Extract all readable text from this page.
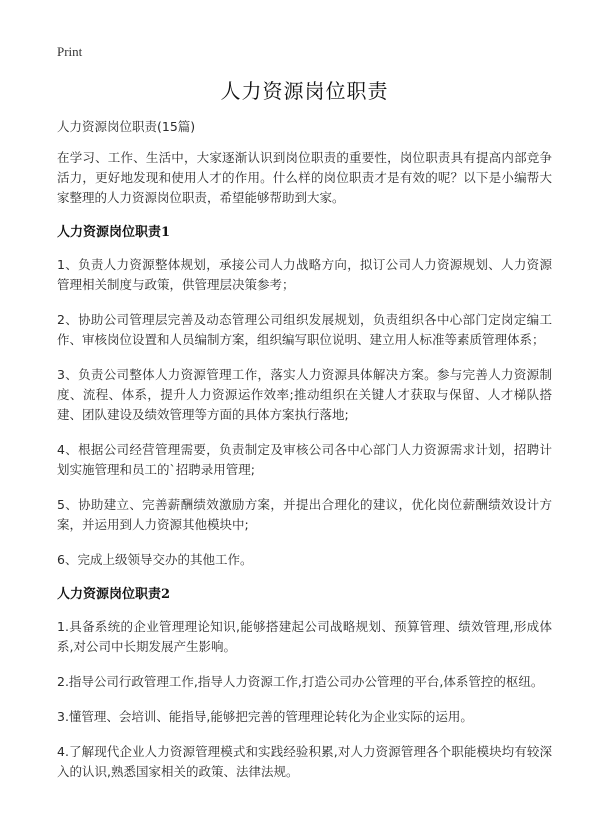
Print
人力资源岗位职责
人力资源岗位职责(15篇)

在学习、工作、生活中，大家逐渐认识到岗位职责的重要性，岗位职责具有提高内部竞争活力，更好地发现和使用人才的作用。什么样的岗位职责才是有效的呢？以下是小编帮大家整理的人力资源岗位职责，希望能够帮助到大家。

人力资源岗位职责1

1、负责人力资源整体规划，承接公司人力战略方向，拟订公司人力资源规划、人力资源管理相关制度与政策，供管理层决策参考；

2、协助公司管理层完善及动态管理公司组织发展规划，负责组织各中心部门定岗定编工作、审核岗位设置和人员编制方案，组织编写职位说明、建立用人标准等素质管理体系；

3、负责公司整体人力资源管理工作，落实人力资源具体解决方案。参与完善人力资源制度、流程、体系，提升人力资源运作效率;推动组织在关键人才获取与保留、人才梯队搭建、团队建设及绩效管理等方面的具体方案执行落地;

4、根据公司经营管理需要，负责制定及审核公司各中心部门人力资源需求计划，招聘计划实施管理和员工的`招聘录用管理;

5、协助建立、完善薪酬绩效激励方案，并提出合理化的建议，优化岗位薪酬绩效设计方案，并运用到人力资源其他模块中;

6、完成上级领导交办的其他工作。

人力资源岗位职责2

1.具备系统的企业管理理论知识,能够搭建起公司战略规划、预算管理、绩效管理,形成体系,对公司中长期发展产生影响。

2.指导公司行政管理工作,指导人力资源工作,打造公司办公管理的平台,体系管控的枢纽。

3.懂管理、会培训、能指导,能够把完善的管理理论转化为企业实际的运用。

4.了解现代企业人力资源管理模式和实践经验积累,对人力资源管理各个职能模块均有较深入的认识,熟悉国家相关的政策、法律法规。
